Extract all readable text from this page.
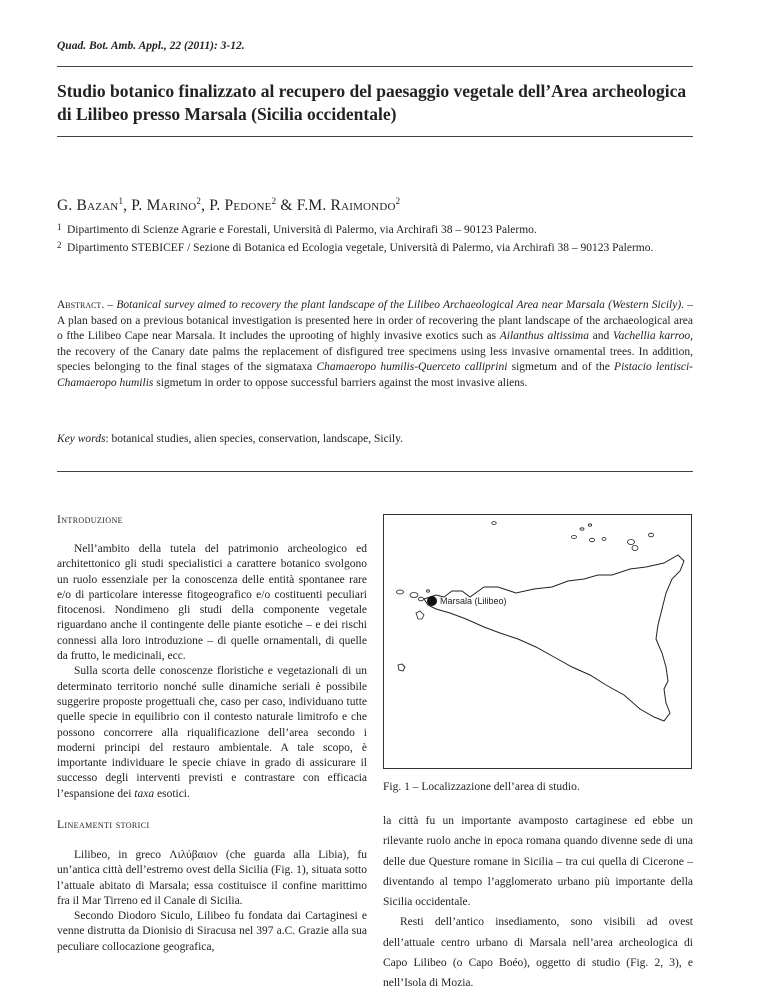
Quad. Bot. Amb. Appl., 22 (2011): 3-12.
Studio botanico finalizzato al recupero del paesaggio vegetale dell’Area archeologica di Lilibeo presso Marsala (Sicilia occidentale)
G. Bazan$^1$, P. Marino$^2$, P. Pedone$^2$ & F.M. Raimondo$^2$
1 Dipartimento di Scienze Agrarie e Forestali, Università di Palermo, via Archirafi 38 – 90123 Palermo.
2 Dipartimento STEBICEF / Sezione di Botanica ed Ecologia vegetale, Università di Palermo, via Archirafi 38 – 90123 Palermo.
Abstract. – Botanical survey aimed to recovery the plant landscape of the Lilibeo Archaeological Area near Marsala (Western Sicily). – A plan based on a previous botanical investigation is presented here in order of recovering the plant landscape of the archaeological area o fthe Lilibeo Cape near Marsala. It includes the uprooting of highly invasive exotics such as Ailanthus altissima and Vachellia karroo, the recovery of the Canary date palms the replacement of disfigured tree specimens using less invasive ornamental trees. In addition, species belonging to the final stages of the sigmataxa Chamaeropo humilis-Querceto calliprini sigmetum and of the Pistacio lentisci- Chamaeropo humilis sigmetum in order to oppose successful barriers against the most invasive aliens.
Key words: botanical studies, alien species, conservation, landscape, Sicily.
Introduzione

Nell’ambito della tutela del patrimonio archeologico ed architettonico gli studi specialistici a carattere botanico svolgono un ruolo essenziale per la conoscenza delle entità spontanee rare e/o di particolare interesse fitogeografico e/o costituenti peculiari fitocenosi. Nondimeno gli studi della componente vegetale riguardano anche il contingente delle piante esotiche – e dei rischi connessi alla loro introduzione – di quelle ornamentali, di quelle da frutto, le medicinali, ecc.

Sulla scorta delle conoscenze floristiche e vegetazionali di un determinato territorio nonché sulle dinamiche seriali è possibile suggerire proposte progettuali che, caso per caso, individuano tutte quelle specie in equilibrio con il contesto naturale limitrofo e che possono concorrere alla riqualificazione dell’area secondo i moderni principi del restauro ambientale. A tale scopo, è importante individuare le specie chiave in grado di assicurare il successo degli interventi previsti e contrastare con efficacia l’espansione dei taxa esotici.

Lineamenti storici

Lilibeo, in greco Λιλύβαιον (che guarda alla Libia), fu un’antica città dell’estremo ovest della Sicilia (Fig. 1), situata sotto l’attuale abitato di Marsala; essa costituisce il confine marittimo fra il Mar Tirreno ed il Canale di Sicilia.

Secondo Diodoro Siculo, Lilibeo fu fondata dai Cartaginesi e venne distrutta da Dionisio di Siracusa nel 397 a.C. Grazie alla sua peculiare collocazione geografica,

Marsala (Lilibeo)
Fig. 1 – Localizzazione dell’area di studio.

la città fu un importante avamposto cartaginese ed ebbe un rilevante ruolo anche in epoca romana quando divenne sede di una delle due Questure romane in Sicilia – tra cui quella di Cicerone – diventando al tempo l’agglomerato urbano più importante della Sicilia occidentale.

Resti dell’antico insediamento, sono visibili ad ovest dell’attuale centro urbano di Marsala nell’area archeologica di Capo Lilibeo (o Capo Boéo), oggetto di studio (Fig. 2, 3), e nell’Isola di Mozia.
